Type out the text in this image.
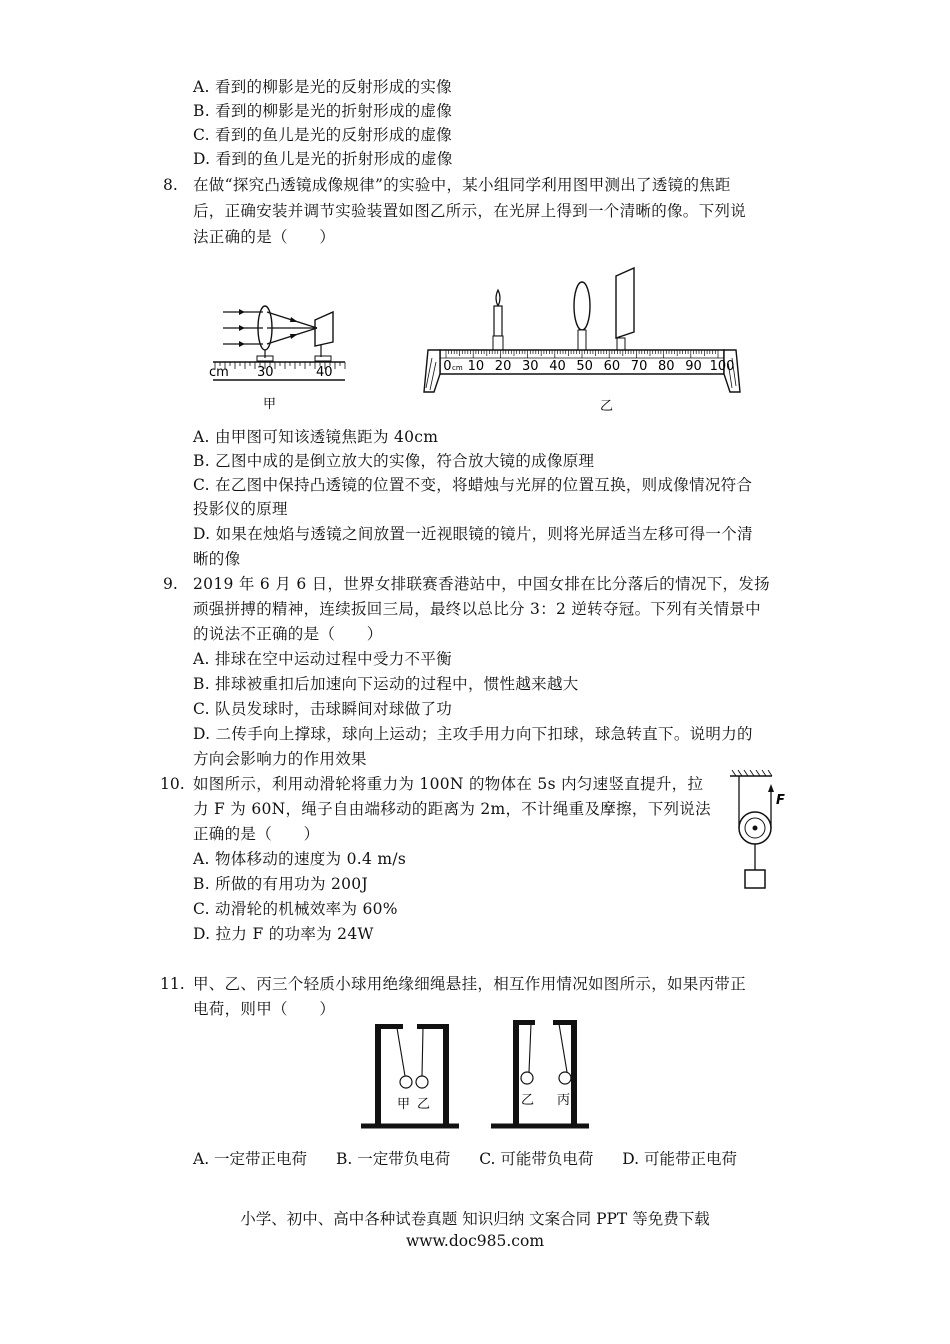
A. 看到的柳影是光的反射形成的实像
B. 看到的柳影是光的折射形成的虚像
C. 看到的鱼儿是光的反射形成的虚像
D. 看到的鱼儿是光的折射形成的虚像
8. 在做“探究凸透镜成像规律”的实验中，某小组同学利用图甲测出了透镜的焦距
后，正确安装并调节实验装置如图乙所示，在光屏上得到一个清晰的像。下列说
法正确的是（　　）
cm 30	40
甲
0 10 20 30 40 50 60 70 80 90 100
cm
乙
A. 由甲图可知该透镜焦距为 40cm
B. 乙图中成的是倒立放大的实像，符合放大镜的成像原理
C. 在乙图中保持凸透镜的位置不变，将蜡烛与光屏的位置互换，则成像情况符合
投影仪的原理
D. 如果在烛焰与透镜之间放置一近视眼镜的镜片，则将光屏适当左移可得一个清
晰的像
9. 2019 年 6 月 6 日，世界女排联赛香港站中，中国女排在比分落后的情况下，发扬
顽强拼搏的精神，连续扳回三局，最终以总比分 3：2 逆转夺冠。下列有关情景中
的说法不正确的是（　　）
A. 排球在空中运动过程中受力不平衡
B. 排球被重扣后加速向下运动的过程中，惯性越来越大
C. 队员发球时，击球瞬间对球做了功
D. 二传手向上撑球，球向上运动；主攻手用力向下扣球，球急转直下。说明力的
方向会影响力的作用效果
10. 如图所示，利用动滑轮将重力为 100N 的物体在 5s 内匀速竖直提升，拉
力 F 为 60N，绳子自由端移动的距离为 2m，不计绳重及摩擦，下列说法
正确的是（　　）
A. 物体移动的速度为 0.4 m/s
B. 所做的有用功为 200J
C. 动滑轮的机械效率为 60%
D. 拉力 F 的功率为 24W
F
11. 甲、乙、丙三个轻质小球用绝缘细绳悬挂，相互作用情况如图所示，如果丙带正
电荷，则甲（　　）
甲 乙	乙 丙
A. 一定带正电荷 B. 一定带负电荷 C. 可能带负电荷 D. 可能带正电荷
小学、初中、高中各种试卷真题 知识归纳 文案合同 PPT 等免费下载
www.doc985.com
